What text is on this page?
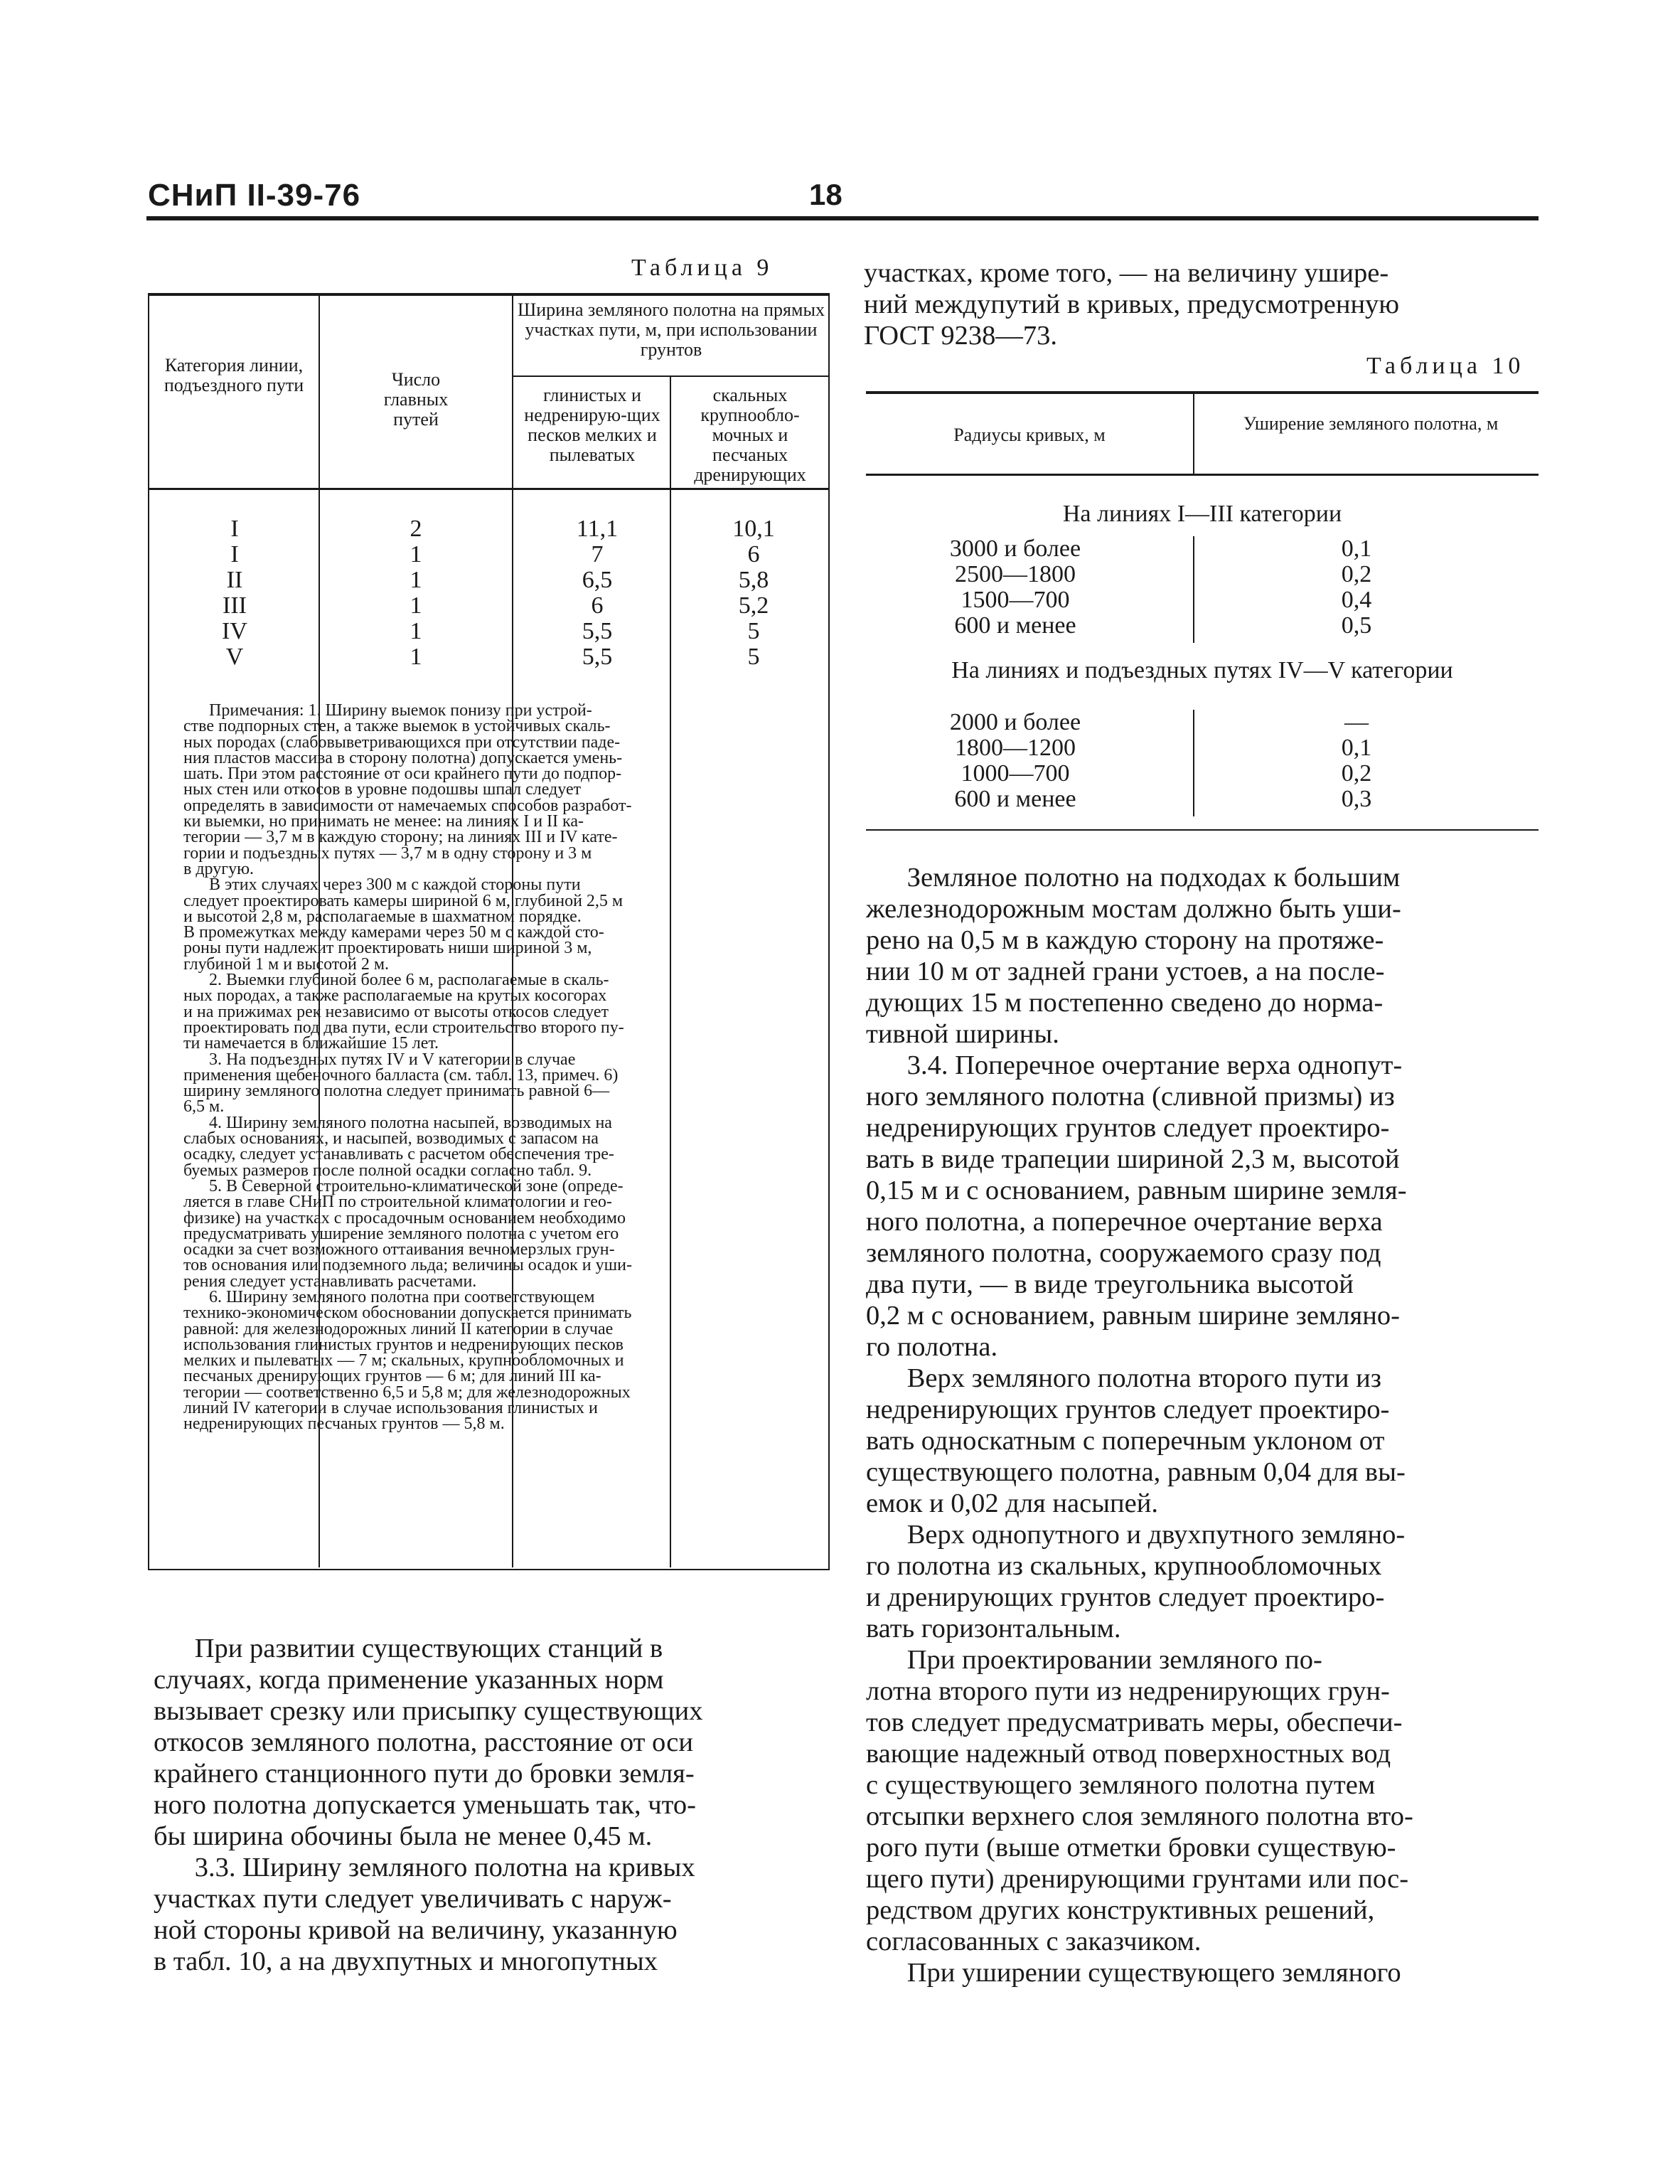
СНиП II-39-76	18
Таблица 9
Категория линии, подъездного пути	Число главных путей
Ширина земляного полотна на прямых участках пути, м, при использовании грунтов
глинистых и недренирую-щих песков мелких и пылеватых
скальных крупнообло-мочных и песчаных дренирующих
I
I
II
III
IV
V
2
1
1
1
1
1
11,1
7
6,5
6
5,5
5,5
10,1
6
5,8
5,2
5
5
Примечания: 1. Ширину выемок понизу при устрой-
стве подпорных стен, а также выемок в устойчивых скаль-
ных породах (слабовыветривающихся при отсутствии паде-
ния пластов массива в сторону полотна) допускается умень-
шать. При этом расстояние от оси крайнего пути до подпор-
ных стен или откосов в уровне подошвы шпал следует
определять в зависимости от намечаемых способов разработ-
ки выемки, но принимать не менее: на линиях I и II ка-
тегории — 3,7 м в каждую сторону; на линиях III и IV кате-
гории и подъездных путях — 3,7 м в одну сторону и 3 м
в другую.
В этих случаях через 300 м с каждой стороны пути
следует проектировать камеры шириной 6 м, глубиной 2,5 м
и высотой 2,8 м, располагаемые в шахматном порядке.
В промежутках между камерами через 50 м с каждой сто-
роны пути надлежит проектировать ниши шириной 3 м,
глубиной 1 м и высотой 2 м.
2. Выемки глубиной более 6 м, располагаемые в скаль-
ных породах, а также располагаемые на крутых косогорах
и на прижимах рек независимо от высоты откосов следует
проектировать под два пути, если строительство второго пу-
ти намечается в ближайшие 15 лет.
3. На подъездных путях IV и V категории в случае
применения щебеночного балласта (см. табл. 13, примеч. 6)
ширину земляного полотна следует принимать равной 6—
6,5 м.
4. Ширину земляного полотна насыпей, возводимых на
слабых основаниях, и насыпей, возводимых с запасом на
осадку, следует устанавливать с расчетом обеспечения тре-
буемых размеров после полной осадки согласно табл. 9.
5. В Северной строительно-климатической зоне (опреде-
ляется в главе СНиП по строительной климатологии и гео-
физике) на участках с просадочным основанием необходимо
предусматривать уширение земляного полотна с учетом его
осадки за счет возможного оттаивания вечномерзлых грун-
тов основания или подземного льда; величины осадок и уши-
рения следует устанавливать расчетами.
6. Ширину земляного полотна при соответствующем
технико-экономическом обосновании допускается принимать
равной: для железнодорожных линий II категории в случае
использования глинистых грунтов и недренирующих песков
мелких и пылеватых — 7 м; скальных, крупнообломочных и
песчаных дренирующих грунтов — 6 м; для линий III ка-
тегории — соответственно 6,5 и 5,8 м; для железнодорожных
линий IV категории в случае использования глинистых и
недренирующих песчаных грунтов — 5,8 м.
При развитии существующих станций в
случаях, когда применение указанных норм
вызывает срезку или присыпку существующих
откосов земляного полотна, расстояние от оси
крайнего станционного пути до бровки земля-
ного полотна допускается уменьшать так, что-
бы ширина обочины была не менее 0,45 м.
3.3. Ширину земляного полотна на кривых
участках пути следует увеличивать с наруж-
ной стороны кривой на величину, указанную
в табл. 10, а на двухпутных и многопутных
участках, кроме того, — на величину ушире-
ний междупутий в кривых, предусмотренную
ГОСТ 9238—73.
Таблица 10
Радиусы кривых, м
Уширение земляного полотна, м
На линиях I—III категории
3000 и более
2500—1800
1500—700
600 и менее
0,1
0,2
0,4
0,5
На линиях и подъездных путях IV—V категории
2000 и более
1800—1200
1000—700
600 и менее
—
0,1
0,2
0,3
Земляное полотно на подходах к большим
железнодорожным мостам должно быть уши-
рено на 0,5 м в каждую сторону на протяже-
нии 10 м от задней грани устоев, а на после-
дующих 15 м постепенно сведено до норма-
тивной ширины.
3.4. Поперечное очертание верха однопут-
ного земляного полотна (сливной призмы) из
недренирующих грунтов следует проектиро-
вать в виде трапеции шириной 2,3 м, высотой
0,15 м и с основанием, равным ширине земля-
ного полотна, а поперечное очертание верха
земляного полотна, сооружаемого сразу под
два пути, — в виде треугольника высотой
0,2 м с основанием, равным ширине земляно-
го полотна.
Верх земляного полотна второго пути из
недренирующих грунтов следует проектиро-
вать односкатным с поперечным уклоном от
существующего полотна, равным 0,04 для вы-
емок и 0,02 для насыпей.
Верх однопутного и двухпутного земляно-
го полотна из скальных, крупнообломочных
и дренирующих грунтов следует проектиро-
вать горизонтальным.
При проектировании земляного по-
лотна второго пути из недренирующих грун-
тов следует предусматривать меры, обеспечи-
вающие надежный отвод поверхностных вод
с существующего земляного полотна путем
отсыпки верхнего слоя земляного полотна вто-
рого пути (выше отметки бровки существую-
щего пути) дренирующими грунтами или пос-
редством других конструктивных решений,
согласованных с заказчиком.
При уширении существующего земляного
